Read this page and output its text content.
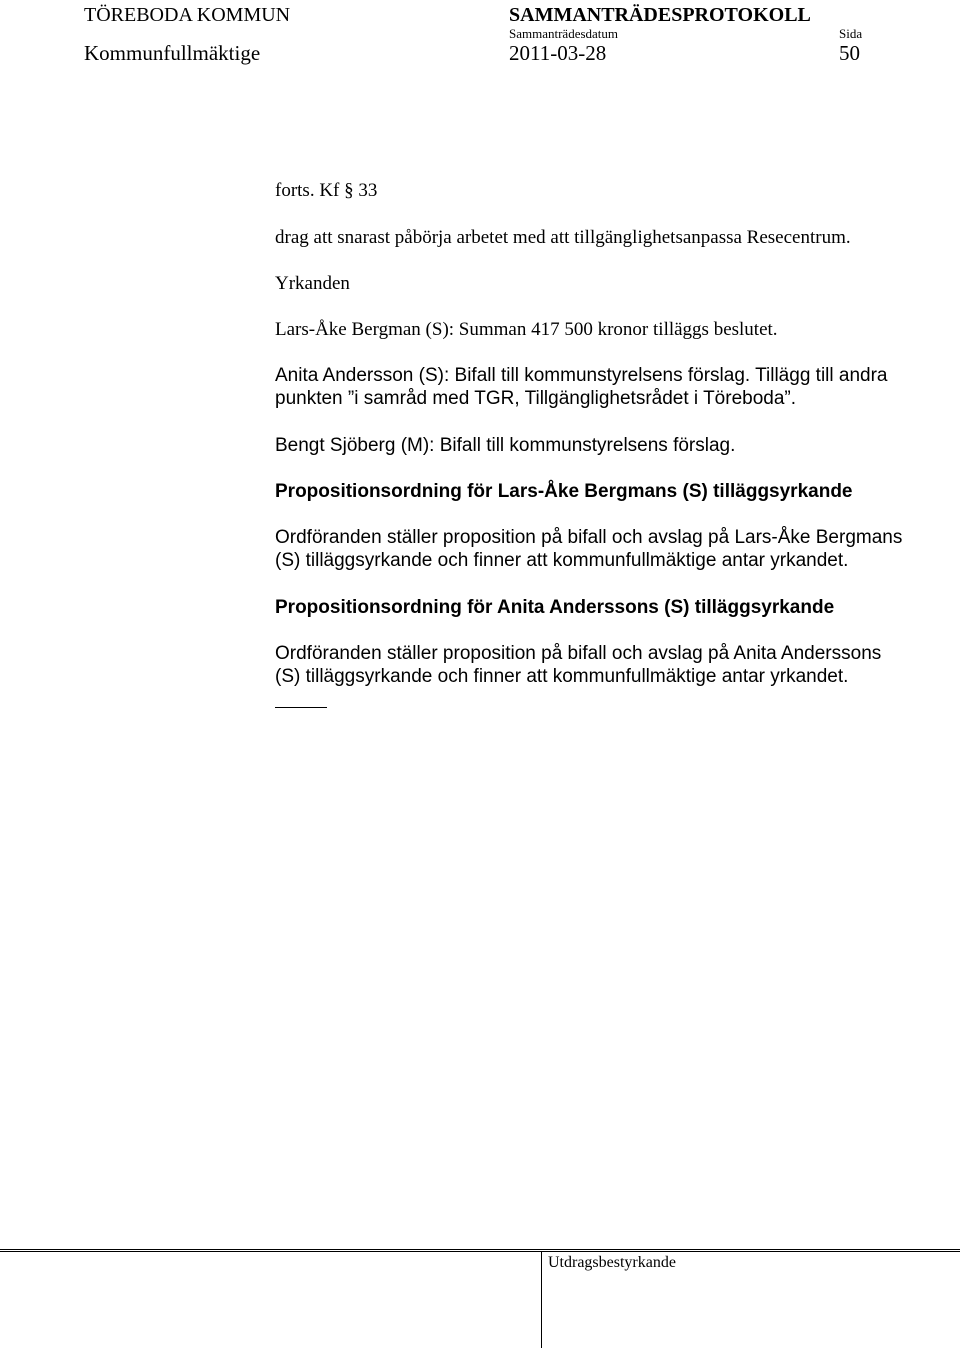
TÖREBODA KOMMUN	SAMMANTRÄDESPROTOKOLL
Sammanträdesdatum	Sida
Kommunfullmäktige	2011-03-28	50
forts. Kf § 33
drag att snarast påbörja arbetet med att tillgänglighetsanpassa Resecentrum.
Yrkanden
Lars-Åke Bergman (S): Summan 417 500 kronor tilläggs beslutet.
Anita Andersson (S): Bifall till kommunstyrelsens förslag. Tillägg till andra
punkten ”i samråd med TGR, Tillgänglighetsrådet i Töreboda”.
Bengt Sjöberg (M): Bifall till kommunstyrelsens förslag.
Propositionsordning för Lars-Åke Bergmans (S) tilläggsyrkande
Ordföranden ställer proposition på bifall och avslag på Lars-Åke Bergmans
(S) tilläggsyrkande och finner att kommunfullmäktige antar yrkandet.
Propositionsordning för Anita Anderssons (S) tilläggsyrkande
Ordföranden ställer proposition på bifall och avslag på Anita Anderssons
(S) tilläggsyrkande och finner att kommunfullmäktige antar yrkandet.
Utdragsbestyrkande
